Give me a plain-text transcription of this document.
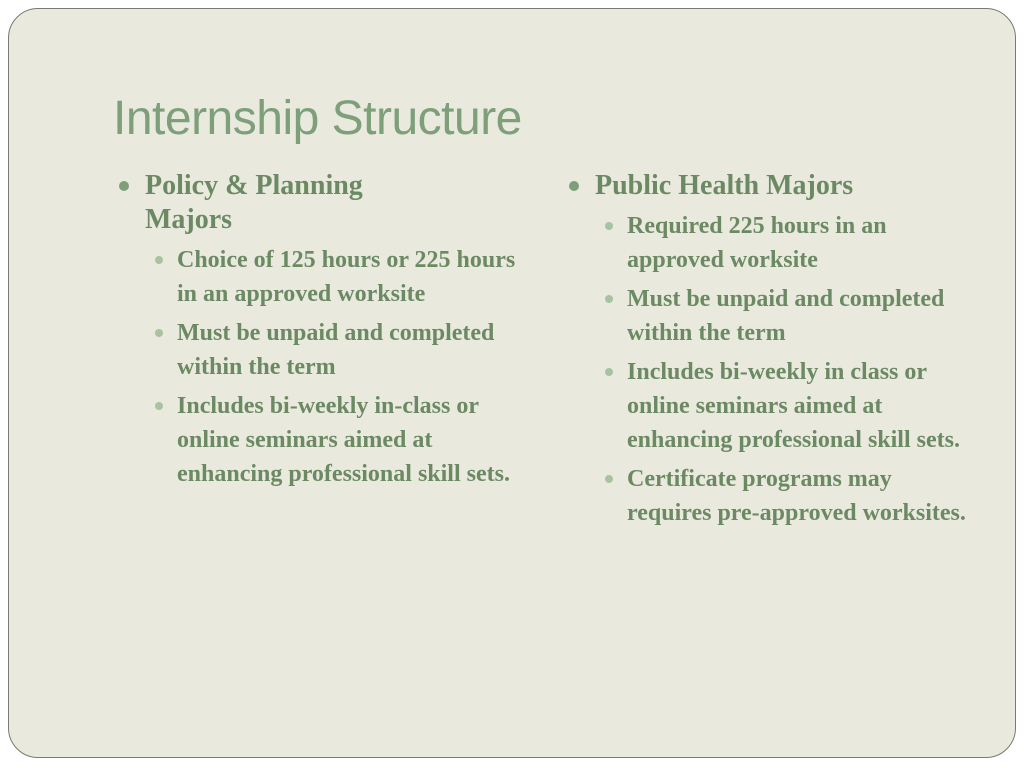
Internship Structure
Policy & Planning Majors
Choice of 125 hours or 225 hours in an approved worksite
Must be unpaid and completed within the term
Includes bi-weekly in-class or online seminars aimed at enhancing professional skill sets.
Public Health Majors
Required 225 hours in an approved worksite
Must be unpaid and completed within the term
Includes bi-weekly in class or online seminars aimed at enhancing professional skill sets.
Certificate programs may requires pre-approved worksites.
